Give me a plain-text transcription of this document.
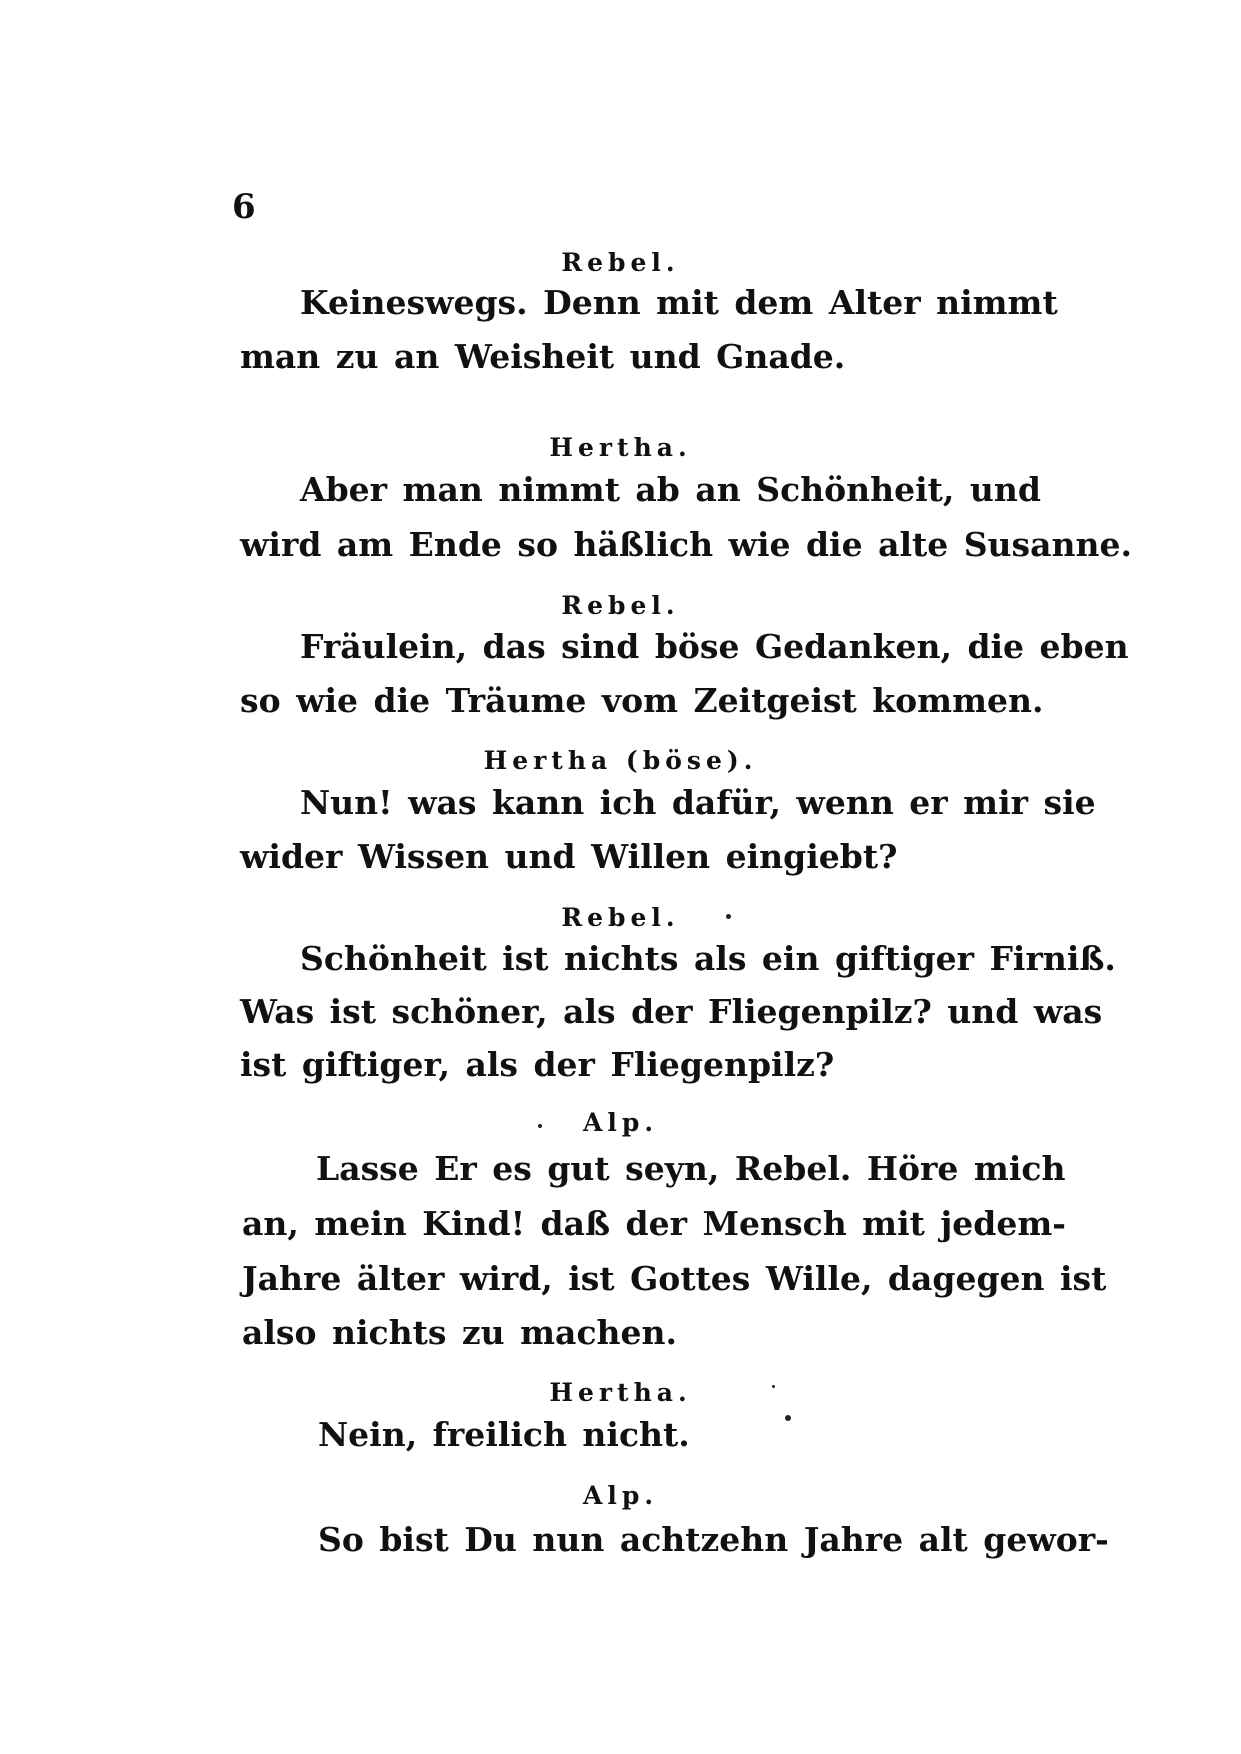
6
Rebel.
Keineswegs. Denn mit dem Alter nimmt
man zu an Weisheit und Gnade.
Hertha.
Aber man nimmt ab an Schönheit, und
wird am Ende so häßlich wie die alte Susanne.
Rebel.
Fräulein, das sind böse Gedanken, die eben
so wie die Träume vom Zeitgeist kommen.
Hertha (böse).
Nun! was kann ich dafür, wenn er mir sie
wider Wissen und Willen eingiebt?
Rebel.
Schönheit ist nichts als ein giftiger Firniß.
Was ist schöner, als der Fliegenpilz? und was
ist giftiger, als der Fliegenpilz?
Alp.
Lasse Er es gut seyn, Rebel. Höre mich
an, mein Kind! daß der Mensch mit jedem-
Jahre älter wird, ist Gottes Wille, dagegen ist
also nichts zu machen.
Hertha.
Nein, freilich nicht.
Alp.
So bist Du nun achtzehn Jahre alt gewor-
